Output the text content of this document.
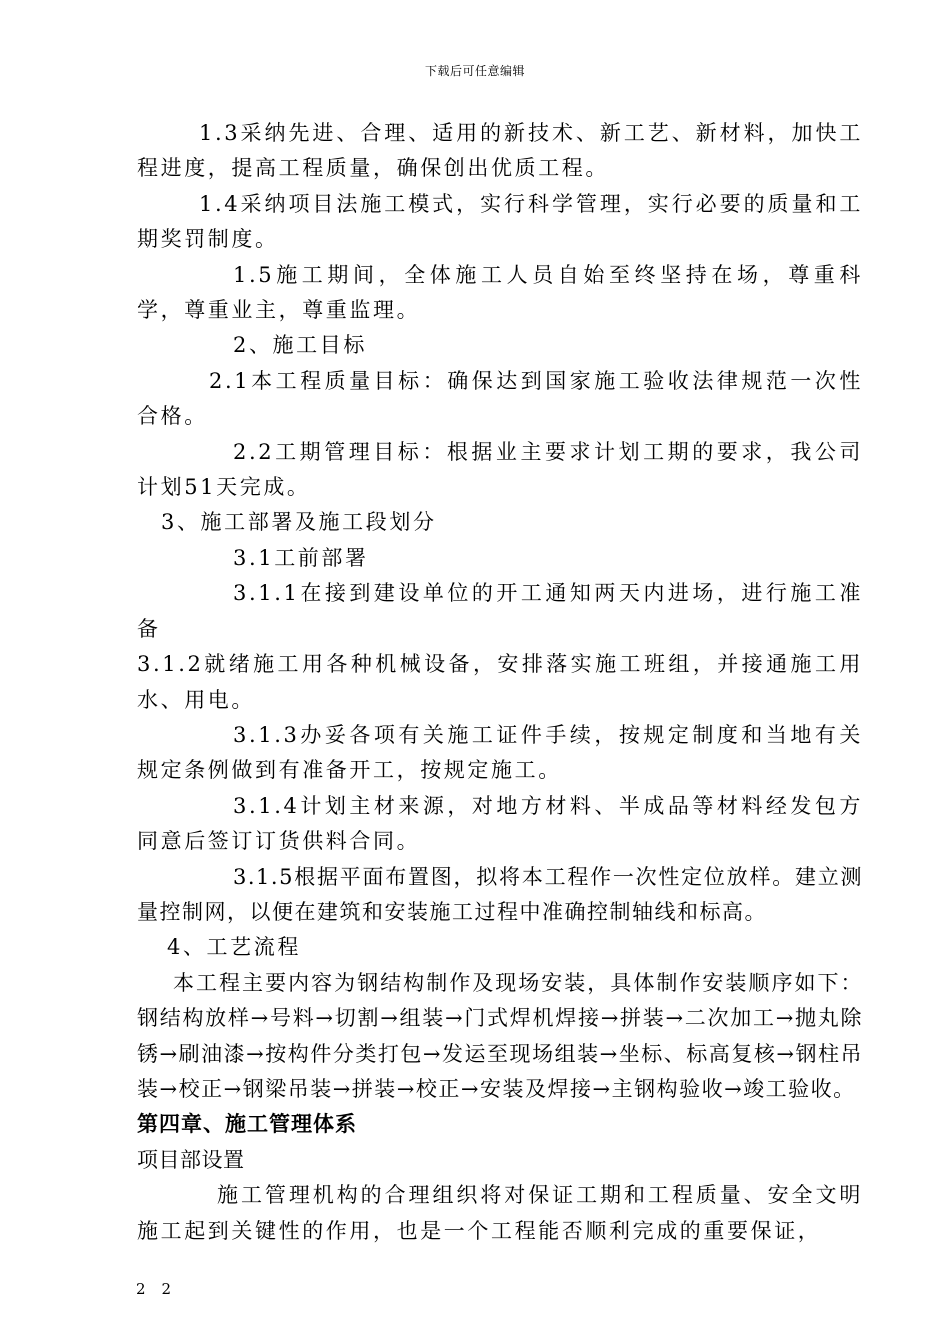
下载后可任意编辑

1.3采纳先进、合理、适用的新技术、新工艺、新材料，加快工程进度，提高工程质量，确保创出优质工程。

1.4采纳项目法施工模式，实行科学管理，实行必要的质量和工期奖罚制度。

1.5施工期间，全体施工人员自始至终坚持在场，尊重科学，尊重业主，尊重监理。

2、施工目标

2.1本工程质量目标：确保达到国家施工验收法律规范一次性合格。

2.2工期管理目标：根据业主要求计划工期的要求，我公司计划51天完成。

3、施工部署及施工段划分

3.1工前部署

3.1.1在接到建设单位的开工通知两天内进场，进行施工准备

3.1.2就绪施工用各种机械设备，安排落实施工班组，并接通施工用水、用电。

3.1.3办妥各项有关施工证件手续，按规定制度和当地有关规定条例做到有准备开工，按规定施工。

3.1.4计划主材来源，对地方材料、半成品等材料经发包方同意后签订订货供料合同。

3.1.5根据平面布置图，拟将本工程作一次性定位放样。建立测量控制网，以便在建筑和安装施工过程中准确控制轴线和标高。

4、工艺流程

本工程主要内容为钢结构制作及现场安装，具体制作安装顺序如下：钢结构放样→号料→切割→组装→门式焊机焊接→拼装→二次加工→抛丸除锈→刷油漆→按构件分类打包→发运至现场组装→坐标、标高复核→钢柱吊装→校正→钢梁吊装→拼装→校正→安装及焊接→主钢构验收→竣工验收。

第四章、施工管理体系

项目部设置

施工管理机构的合理组织将对保证工期和工程质量、安全文明施工起到关键性的作用，也是一个工程能否顺利完成的重要保证，

2 2
